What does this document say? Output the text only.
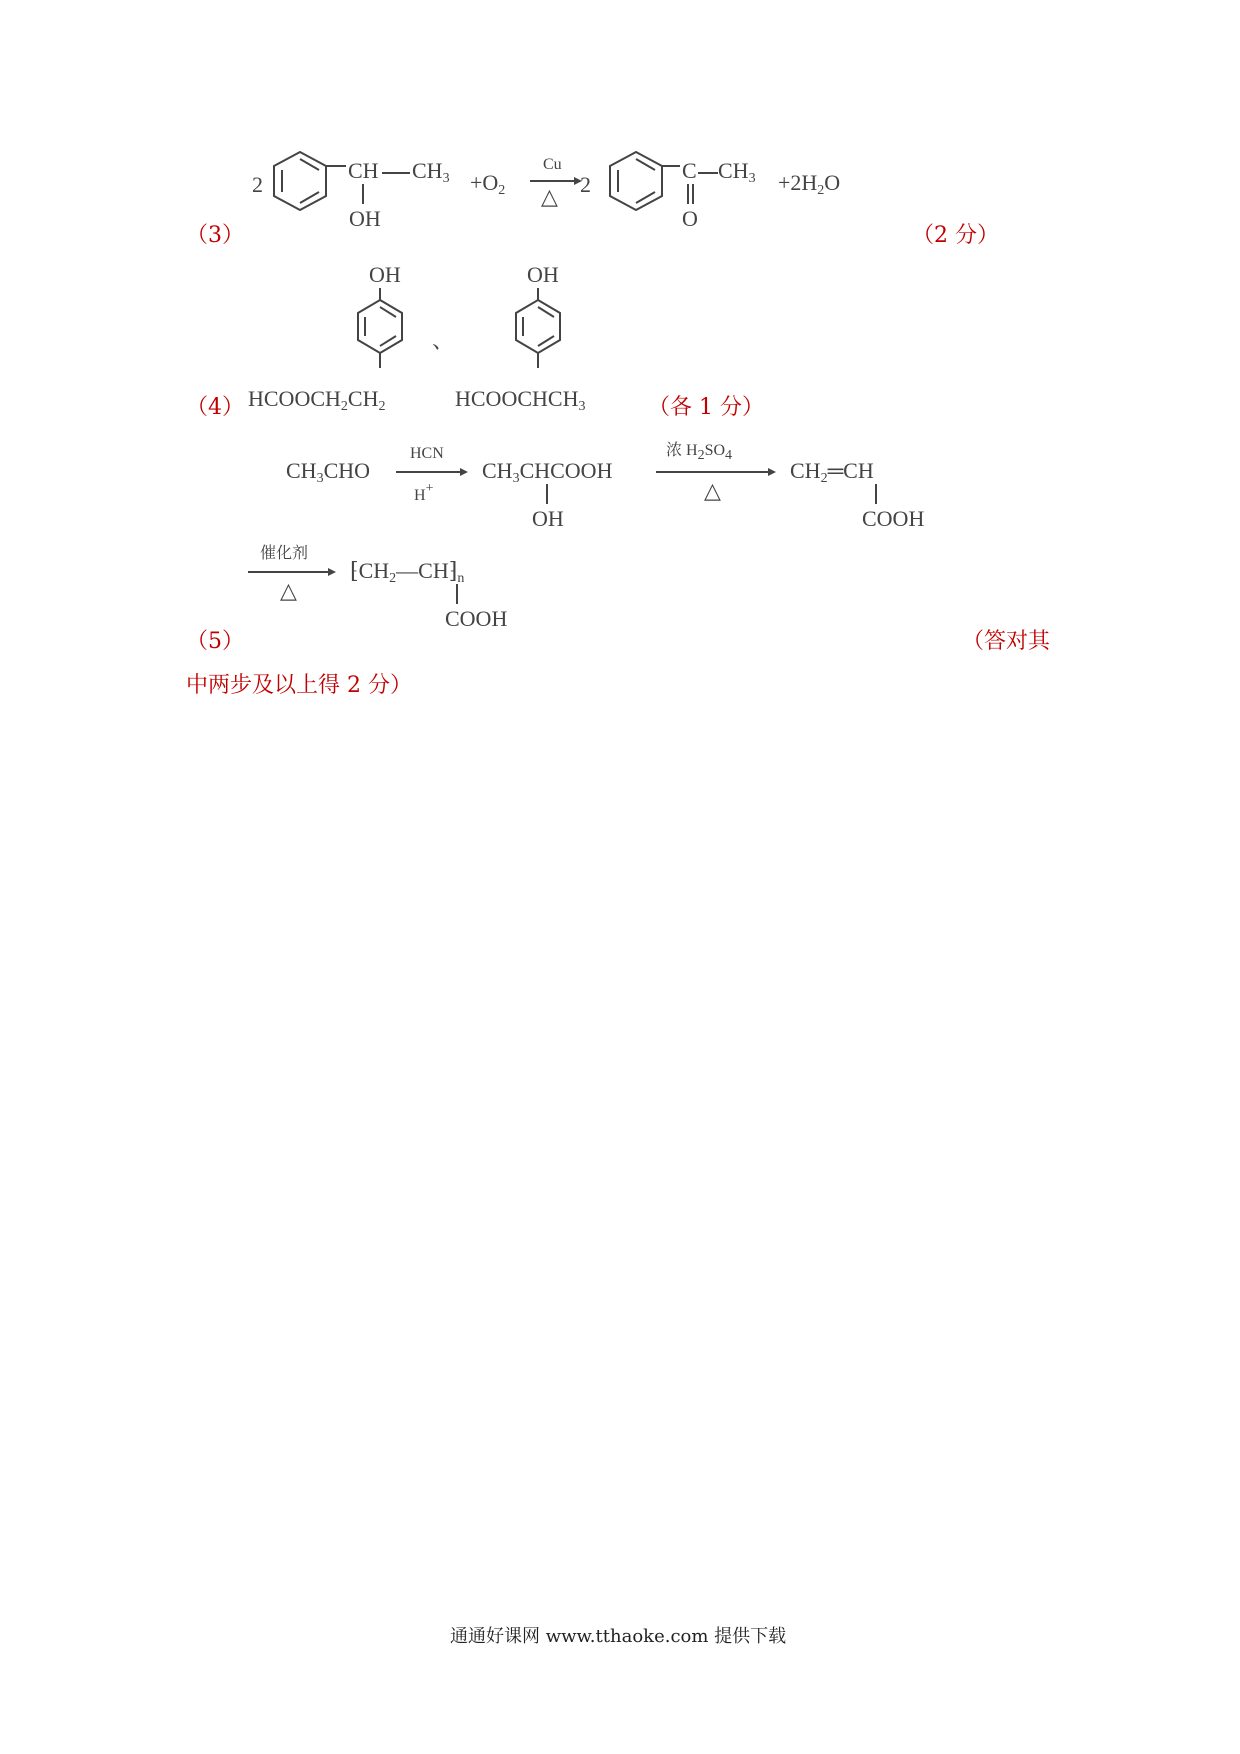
2
CH $CH_3$
OH
$+O_2$
Cu
△ 2
C $CH_3$
O
$+2H_2O$
（3）	（2 分）
OH
$HCOOCH_2CH_2$
、
OH
$HCOOCHCH_3$
（4）	（各 1 分）
$CH_3CHO$
HCN
H+
$CH_3CHCOOH$
OH
浓 $H_2SO_4$
△
$CH_2═CH$
COOH
催化剂
△
$⁅CH_2—CH⁆_n$
COOH
（5）	（答对其
中两步及以上得 2 分）
通通好课网 www.tthaoke.com 提供下载
